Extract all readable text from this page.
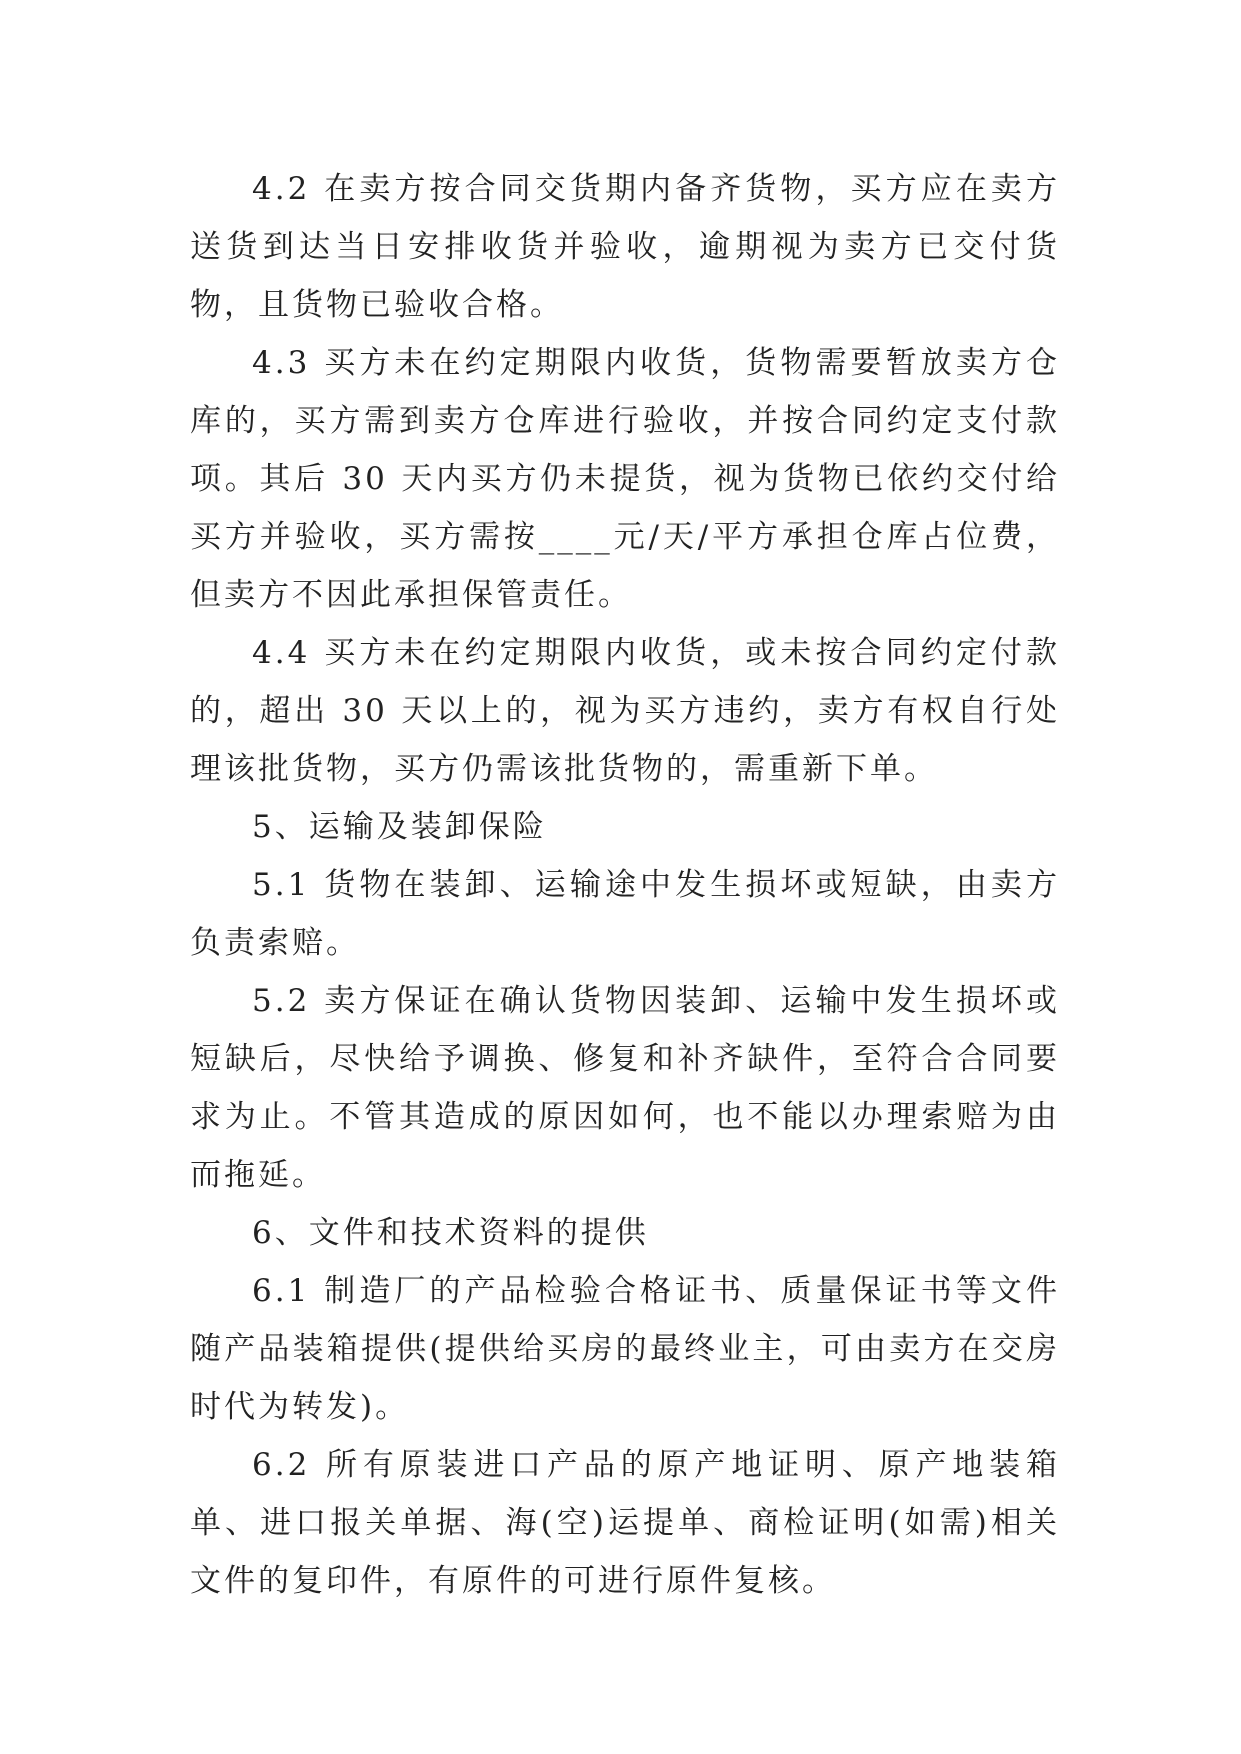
4.2 在卖方按合同交货期内备齐货物，买方应在卖方送货到达当日安排收货并验收，逾期视为卖方已交付货物，且货物已验收合格。

4.3 买方未在约定期限内收货，货物需要暂放卖方仓库的，买方需到卖方仓库进行验收，并按合同约定支付款项。其后 30 天内买方仍未提货，视为货物已依约交付给买方并验收，买方需按____元/天/平方承担仓库占位费，但卖方不因此承担保管责任。

4.4 买方未在约定期限内收货，或未按合同约定付款的，超出 30 天以上的，视为买方违约，卖方有权自行处理该批货物，买方仍需该批货物的，需重新下单。

5、运输及装卸保险

5.1 货物在装卸、运输途中发生损坏或短缺，由卖方负责索赔。

5.2 卖方保证在确认货物因装卸、运输中发生损坏或短缺后，尽快给予调换、修复和补齐缺件，至符合合同要求为止。不管其造成的原因如何，也不能以办理索赔为由而拖延。

6、文件和技术资料的提供

6.1 制造厂的产品检验合格证书、质量保证书等文件随产品装箱提供(提供给买房的最终业主，可由卖方在交房时代为转发)。

6.2 所有原装进口产品的原产地证明、原产地装箱单、进口报关单据、海(空)运提单、商检证明(如需)相关文件的复印件，有原件的可进行原件复核。
